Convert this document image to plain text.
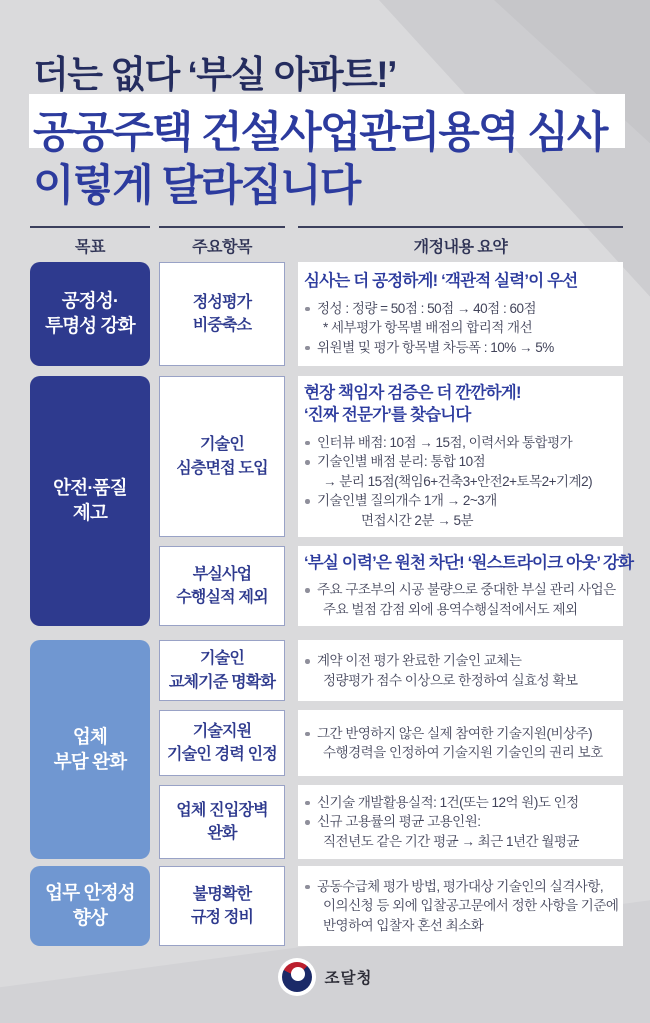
더는 없다 ‘부실 아파트!’
공공주택 건설사업관리용역 심사
이렇게 달라집니다
목표	주요항목	개정내용 요약
공정성·
투명성 강화
정성평가
비중축소
심사는 더 공정하게! ‘객관적 실력’이 우선
정성 : 정량 = 50점 : 50점 → 40점 : 60점
* 세부평가 항목별 배점의 합리적 개선
위원별 및 평가 항목별 차등폭 : 10% → 5%
안전·품질
제고
기술인
심층면접 도입
현장 책임자 검증은 더 깐깐하게!
‘진짜 전문가’를 찾습니다
인터뷰 배점: 10점 → 15점, 이력서와 통합평가
기술인별 배점 분리: 통합 10점
→ 분리 15점(책임6+건축3+안전2+토목2+기계2)
기술인별 질의개수 1개 → 2~3개
면접시간 2분 → 5분
부실사업
수행실적 제외
‘부실 이력’은 원천 차단! ‘원스트라이크 아웃’ 강화
주요 구조부의 시공 불량으로 중대한 부실 관리 사업은
주요 벌점 감점 외에 용역수행실적에서도 제외
업체
부담 완화
기술인
교체기준 명확화
계약 이전 평가 완료한 기술인 교체는
정량평가 점수 이상으로 한정하여 실효성 확보
기술지원
기술인 경력 인정
그간 반영하지 않은 실제 참여한 기술지원(비상주)
수행경력을 인정하여 기술지원 기술인의 권리 보호
업체 진입장벽
완화
신기술 개발활용실적: 1건(또는 12억 원)도 인정
신규 고용률의 평균 고용인원:
직전년도 같은 기간 평균 → 최근 1년간 월평균
업무 안정성
향상
불명확한
규정 정비
공동수급체 평가 방법, 평가대상 기술인의 실격사항,
이의신청 등 외에 입찰공고문에서 정한 사항을 기준에
반영하여 입찰자 혼선 최소화
조달청
